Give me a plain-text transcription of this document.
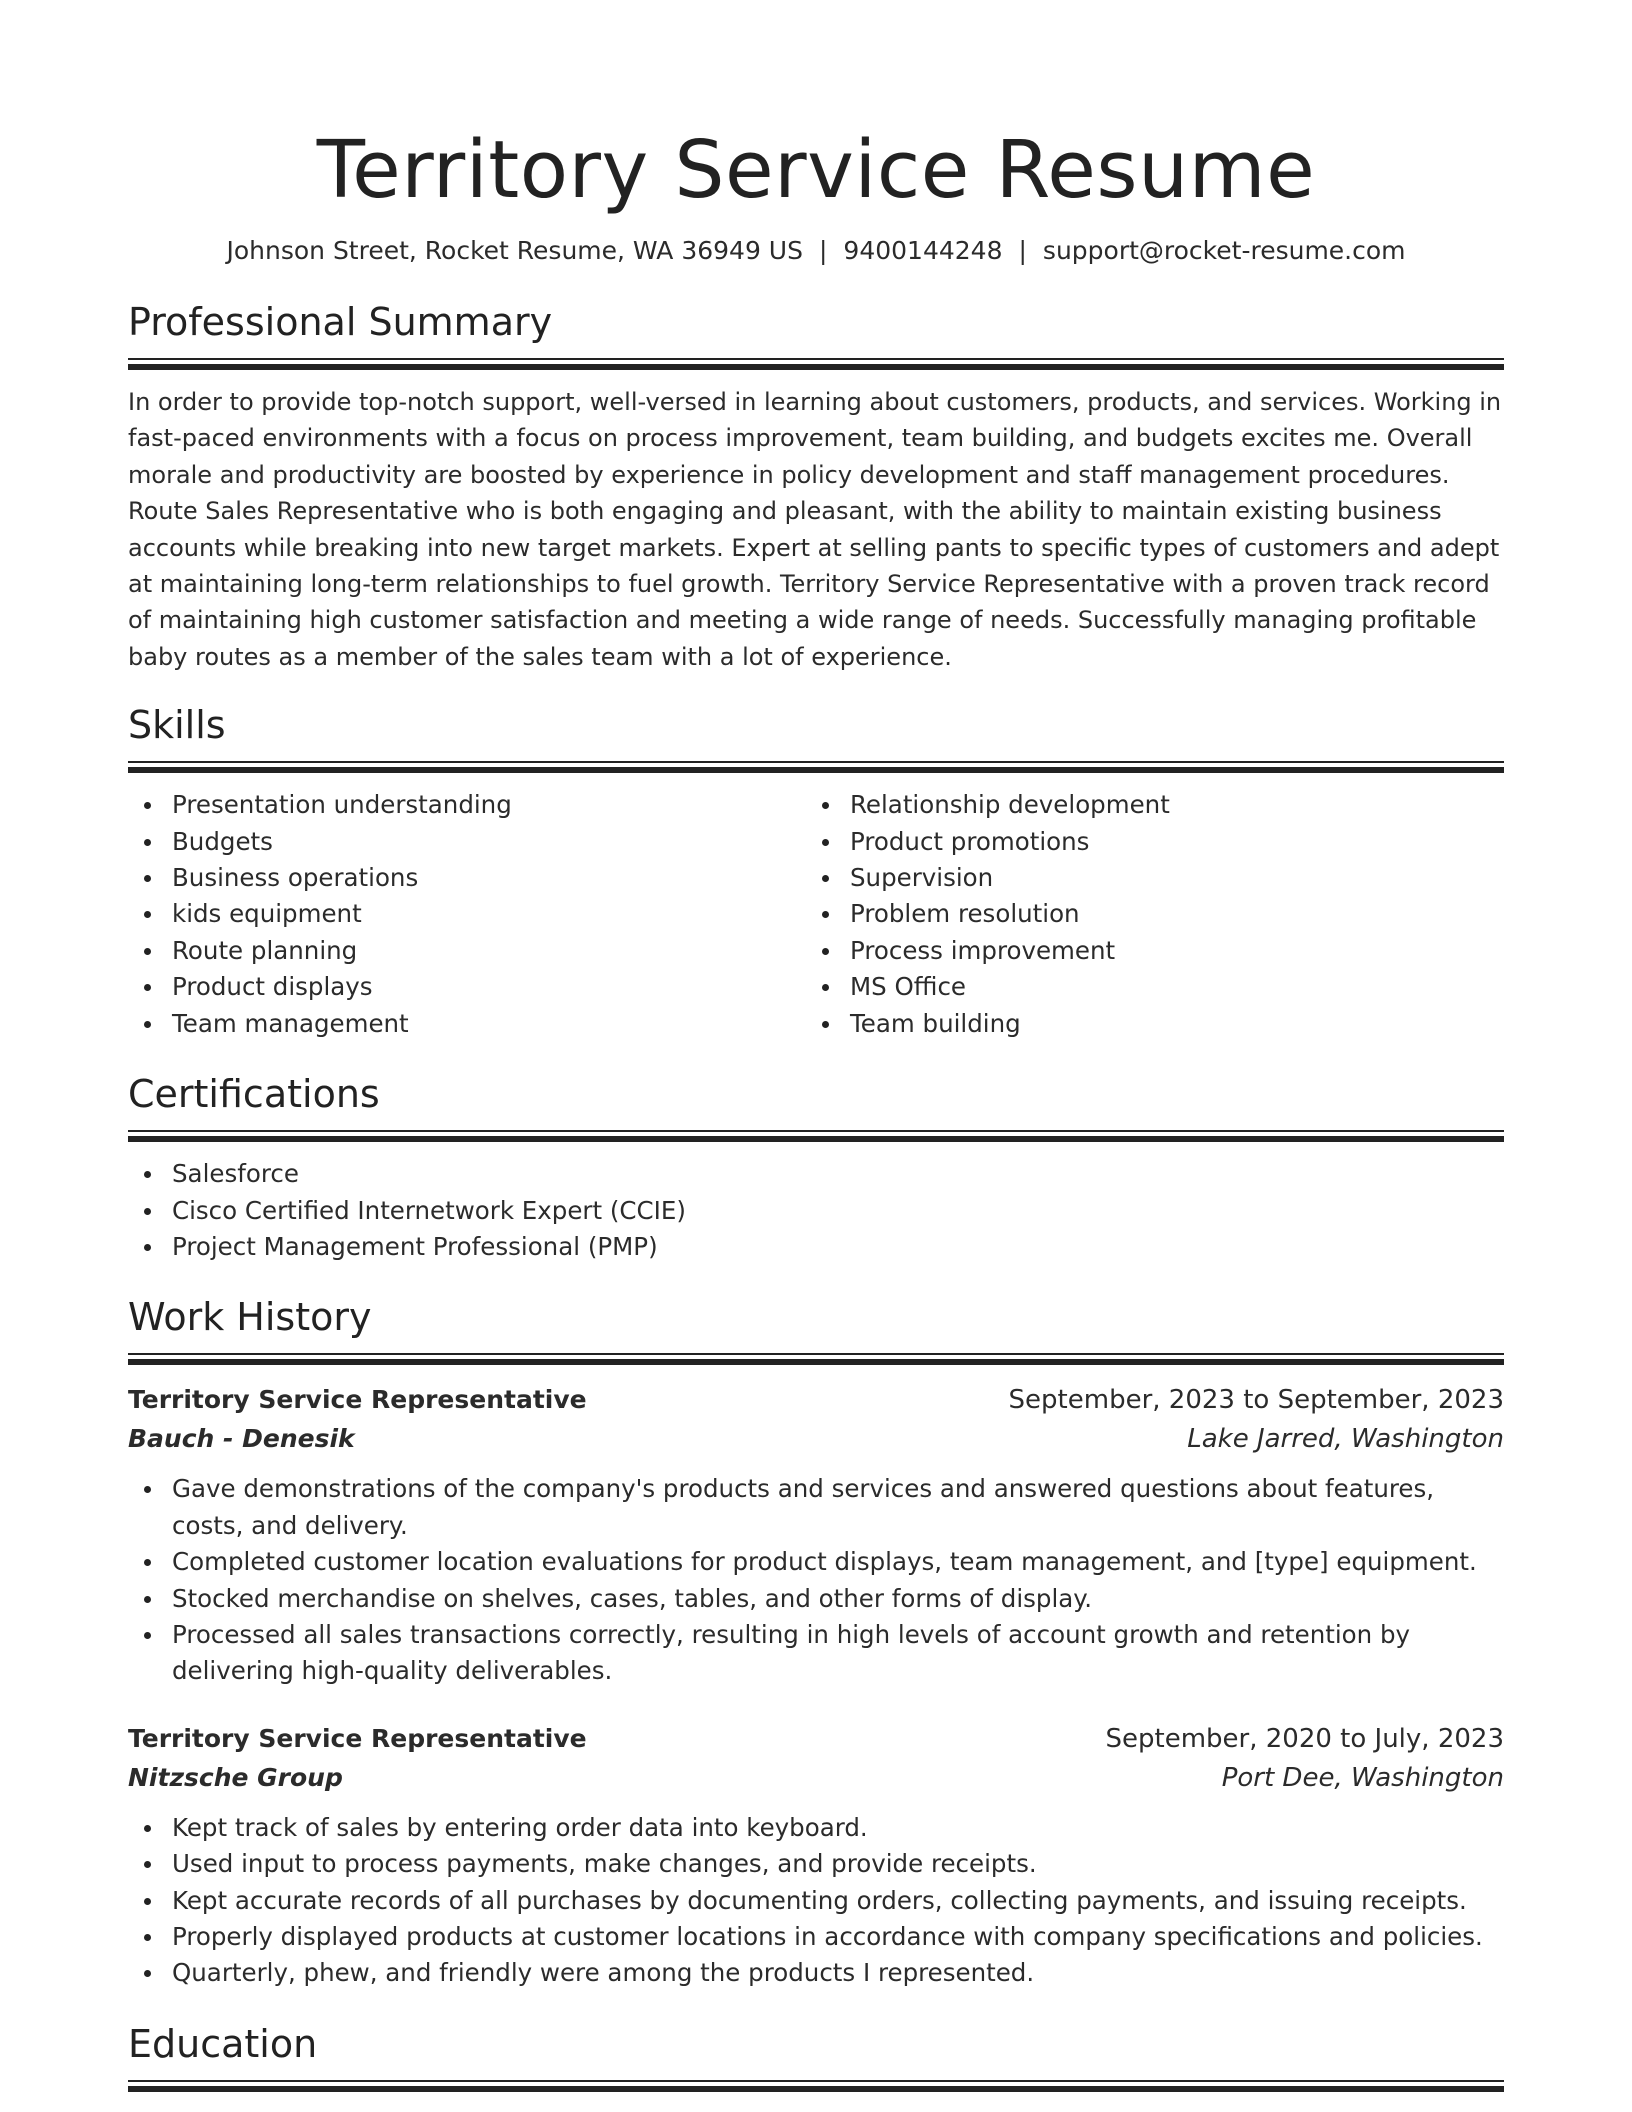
Territory Service Resume
Johnson Street, Rocket Resume, WA 36949 US | 9400144248 | support@rocket-resume.com
Professional Summary

In order to provide top-notch support, well-versed in learning about customers, products, and services. Working in fast-paced environments with a focus on process improvement, team building, and budgets excites me. Overall morale and productivity are boosted by experience in policy development and staff management procedures. Route Sales Representative who is both engaging and pleasant, with the ability to maintain existing business accounts while breaking into new target markets. Expert at selling pants to specific types of customers and adept at maintaining long-term relationships to fuel growth. Territory Service Representative with a proven track record of maintaining high customer satisfaction and meeting a wide range of needs. Successfully managing profitable baby routes as a member of the sales team with a lot of experience.

Skills
Presentation understanding
Budgets
Business operations
kids equipment
Route planning
Product displays
Team management
Relationship development
Product promotions
Supervision
Problem resolution
Process improvement
MS Office
Team building
Certifications
Salesforce
Cisco Certified Internetwork Expert (CCIE)
Project Management Professional (PMP)
Work History
Territory Service Representative	September, 2023 to September, 2023
Bauch - Denesik	Lake Jarred, Washington
Gave demonstrations of the company's products and services and answered questions about features, costs, and delivery.
Completed customer location evaluations for product displays, team management, and [type] equipment.
Stocked merchandise on shelves, cases, tables, and other forms of display.
Processed all sales transactions correctly, resulting in high levels of account growth and retention by delivering high-quality deliverables.
Territory Service Representative	September, 2020 to July, 2023
Nitzsche Group	Port Dee, Washington
Kept track of sales by entering order data into keyboard.
Used input to process payments, make changes, and provide receipts.
Kept accurate records of all purchases by documenting orders, collecting payments, and issuing receipts.
Properly displayed products at customer locations in accordance with company specifications and policies.
Quarterly, phew, and friendly were among the products I represented.
Education
